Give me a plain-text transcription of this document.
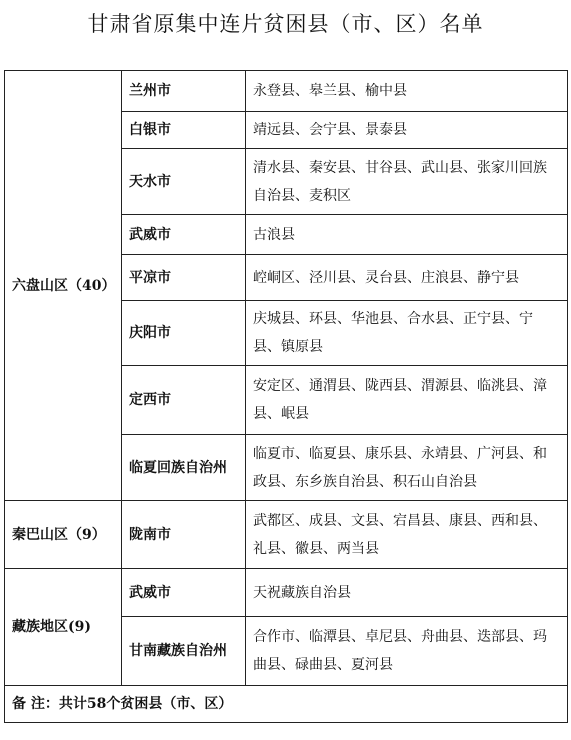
甘肃省原集中连片贫困县（市、区）名单
六盘山区（40）	兰州市	永登县、皋兰县、榆中县
	白银市	靖远县、会宁县、景泰县
	天水市	清水县、秦安县、甘谷县、武山县、张家川回族自治县、麦积区
	武威市	古浪县
	平凉市	崆峒区、泾川县、灵台县、庄浪县、静宁县
	庆阳市	庆城县、环县、华池县、合水县、正宁县、宁县、镇原县
	定西市	安定区、通渭县、陇西县、渭源县、临洮县、漳县、岷县
	临夏回族自治州	临夏市、临夏县、康乐县、永靖县、广河县、和政县、东乡族自治县、积石山自治县
秦巴山区（9）	陇南市	武都区、成县、文县、宕昌县、康县、西和县、礼县、徽县、两当县
藏族地区(9)	武威市	天祝藏族自治县
	甘南藏族自治州	合作市、临潭县、卓尼县、舟曲县、迭部县、玛曲县、碌曲县、夏河县
备 注：共计58个贫困县（市、区）		
